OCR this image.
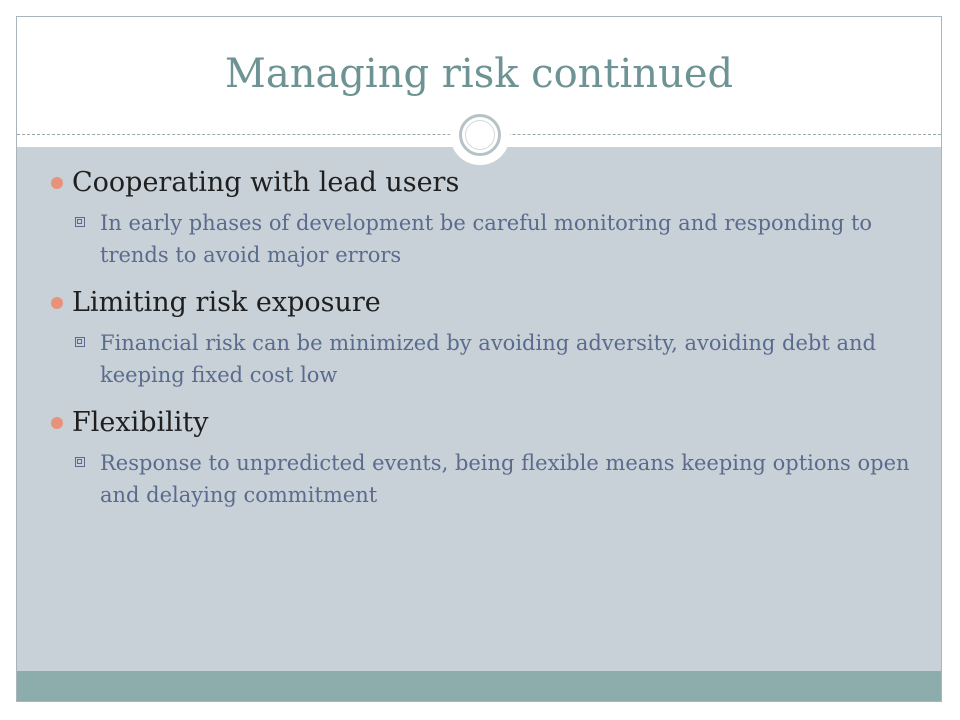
Managing risk continued
Cooperating with lead users
In early phases of development be careful monitoring and responding to trends to avoid major errors
Limiting risk exposure
Financial risk can be minimized by avoiding adversity, avoiding debt and keeping fixed cost low
Flexibility
Response to unpredicted events, being flexible means keeping options open and delaying commitment
